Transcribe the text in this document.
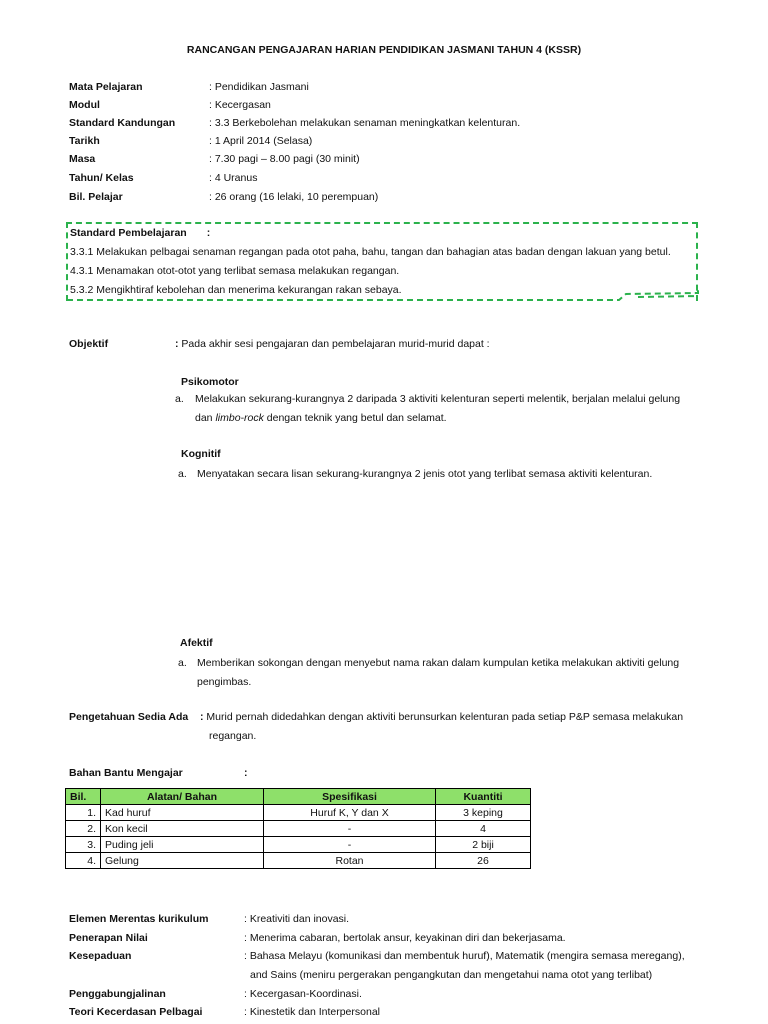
RANCANGAN PENGAJARAN HARIAN PENDIDIKAN JASMANI TAHUN 4 (KSSR)
Mata Pelajaran	: Pendidikan Jasmani
Modul	: Kecergasan
Standard Kandungan	: 3.3 Berkebolehan melakukan senaman meningkatkan kelenturan.
Tarikh	: 1 April 2014 (Selasa)
Masa	: 7.30 pagi – 8.00 pagi (30 minit)
Tahun/ Kelas	: 4 Uranus
Bil. Pelajar	: 26 orang (16 lelaki, 10 perempuan)
Standard Pembelajaran :
3.3.1 Melakukan pelbagai senaman regangan pada otot paha, bahu, tangan dan bahagian atas badan dengan lakuan yang betul.
4.3.1 Menamakan otot-otot yang terlibat semasa melakukan regangan.
5.3.2 Mengikhtiraf kebolehan dan menerima kekurangan rakan sebaya.
Objektif	: Pada akhir sesi pengajaran dan pembelajaran murid-murid dapat :
Psikomotor
a. Melakukan sekurang-kurangnya 2 daripada 3 aktiviti kelenturan seperti melentik, berjalan melalui gelung
dan limbo-rock dengan teknik yang betul dan selamat.
Kognitif
a. Menyatakan secara lisan sekurang-kurangnya 2 jenis otot yang terlibat semasa aktiviti kelenturan.
Afektif
a. Memberikan sokongan dengan menyebut nama rakan dalam kumpulan ketika melakukan aktiviti gelung
pengimbas.
Pengetahuan Sedia Ada : Murid pernah didedahkan dengan aktiviti berunsurkan kelenturan pada setiap P&P semasa melakukan
regangan.
Bahan Bantu Mengajar	:
Bil.	Alatan/ Bahan	Spesifikasi	Kuantiti
1.	Kad huruf	Huruf K, Y dan X	3 keping
2.	Kon kecil	-	4
3.	Puding jeli	-	2 biji
4.	Gelung	Rotan	26
Elemen Merentas kurikulum	: Kreativiti dan inovasi.
Penerapan Nilai	: Menerima cabaran, bertolak ansur, keyakinan diri dan bekerjasama.
Kesepaduan	: Bahasa Melayu (komunikasi dan membentuk huruf), Matematik (mengira semasa meregang),
and Sains (meniru pergerakan pengangkutan dan mengetahui nama otot yang terlibat)
Penggabungjalinan	: Kecergasan-Koordinasi.
Teori Kecerdasan Pelbagai	: Kinestetik dan Interpersonal
